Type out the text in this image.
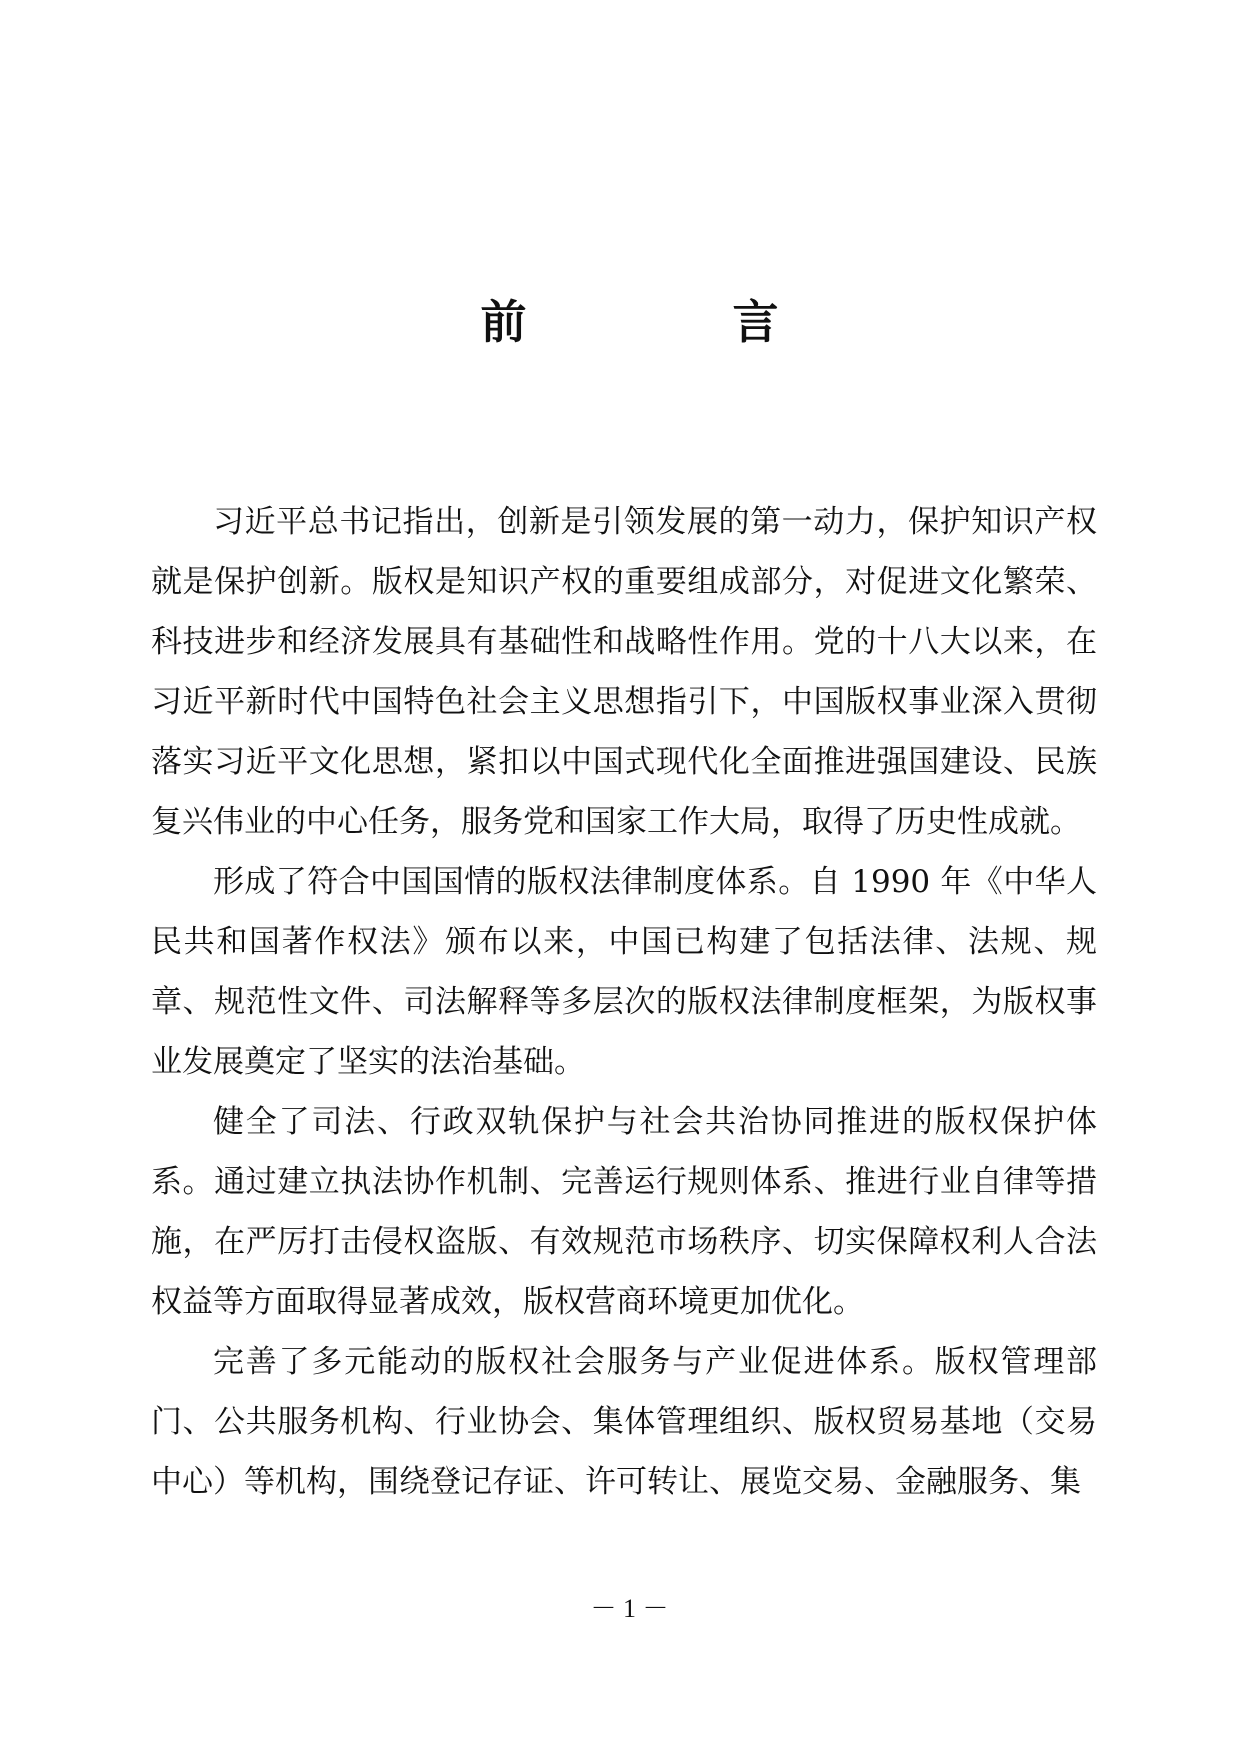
前　言

习近平总书记指出，创新是引领发展的第一动力，保护知识产权就是保护创新。版权是知识产权的重要组成部分，对促进文化繁荣、科技进步和经济发展具有基础性和战略性作用。党的十八大以来，在习近平新时代中国特色社会主义思想指引下，中国版权事业深入贯彻落实习近平文化思想，紧扣以中国式现代化全面推进强国建设、民族复兴伟业的中心任务，服务党和国家工作大局，取得了历史性成就。

形成了符合中国国情的版权法律制度体系。自 1990 年《中华人民共和国著作权法》颁布以来，中国已构建了包括法律、法规、规章、规范性文件、司法解释等多层次的版权法律制度框架，为版权事业发展奠定了坚实的法治基础。

健全了司法、行政双轨保护与社会共治协同推进的版权保护体系。通过建立执法协作机制、完善运行规则体系、推进行业自律等措施，在严厉打击侵权盗版、有效规范市场秩序、切实保障权利人合法权益等方面取得显著成效，版权营商环境更加优化。

完善了多元能动的版权社会服务与产业促进体系。版权管理部门、公共服务机构、行业协会、集体管理组织、版权贸易基地（交易中心）等机构，围绕登记存证、许可转让、展览交易、金融服务、集

－ 1 －
